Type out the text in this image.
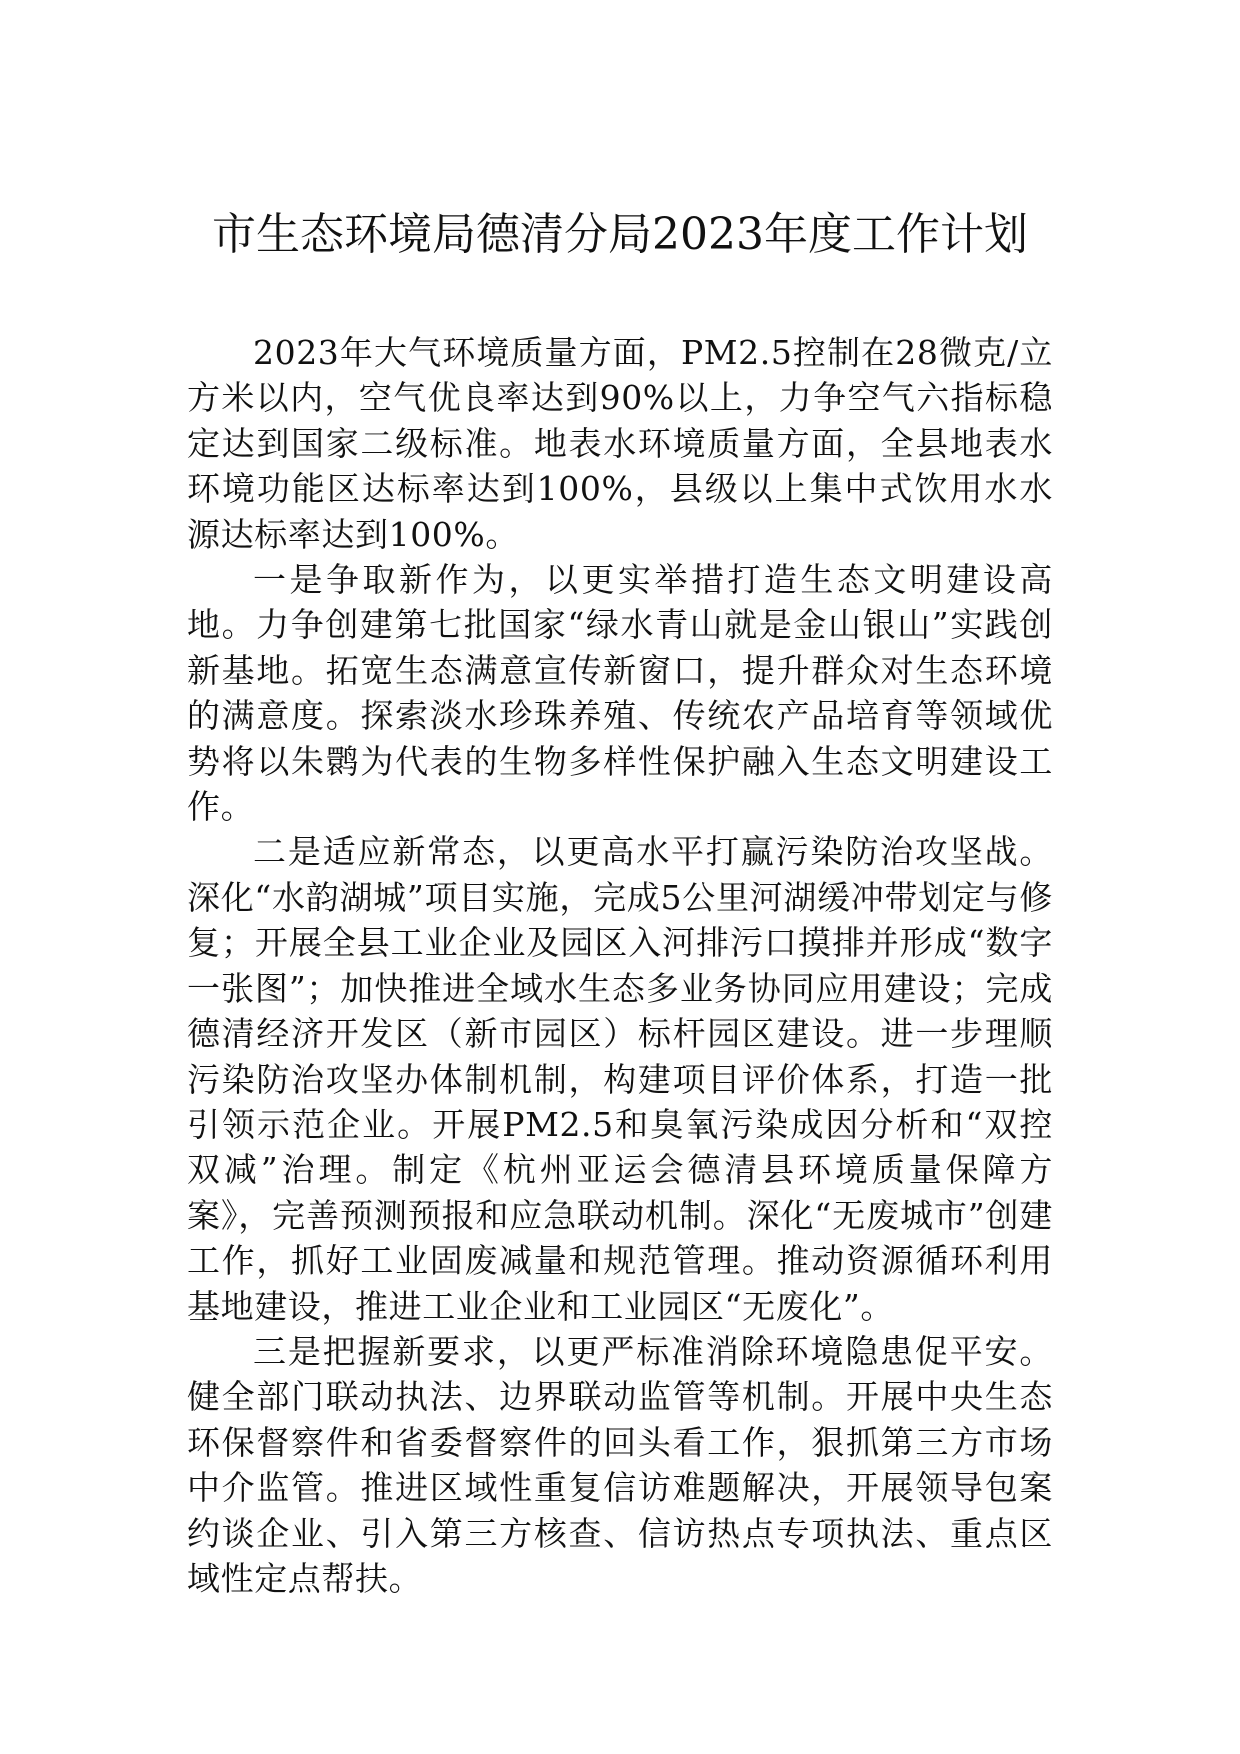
市生态环境局德清分局2023年度工作计划

2023年大气环境质量方面，PM2.5控制在28微克/立方米以内，空气优良率达到90%以上，力争空气六指标稳定达到国家二级标准。地表水环境质量方面，全县地表水环境功能区达标率达到100%，县级以上集中式饮用水水源达标率达到100%。

一是争取新作为，以更实举措打造生态文明建设高地。力争创建第七批国家“绿水青山就是金山银山”实践创新基地。拓宽生态满意宣传新窗口，提升群众对生态环境的满意度。探索淡水珍珠养殖、传统农产品培育等领域优势将以朱鹮为代表的生物多样性保护融入生态文明建设工作。

二是适应新常态，以更高水平打赢污染防治攻坚战。深化“水韵湖城”项目实施，完成5公里河湖缓冲带划定与修复；开展全县工业企业及园区入河排污口摸排并形成“数字一张图”；加快推进全域水生态多业务协同应用建设；完成德清经济开发区（新市园区）标杆园区建设。进一步理顺污染防治攻坚办体制机制，构建项目评价体系，打造一批引领示范企业。开展PM2.5和臭氧污染成因分析和“双控双减”治理。制定《杭州亚运会德清县环境质量保障方案》，完善预测预报和应急联动机制。深化“无废城市”创建工作，抓好工业固废减量和规范管理。推动资源循环利用基地建设，推进工业企业和工业园区“无废化”。

三是把握新要求，以更严标准消除环境隐患促平安。健全部门联动执法、边界联动监管等机制。开展中央生态环保督察件和省委督察件的回头看工作，狠抓第三方市场中介监管。推进区域性重复信访难题解决，开展领导包案约谈企业、引入第三方核查、信访热点专项执法、重点区域性定点帮扶。
